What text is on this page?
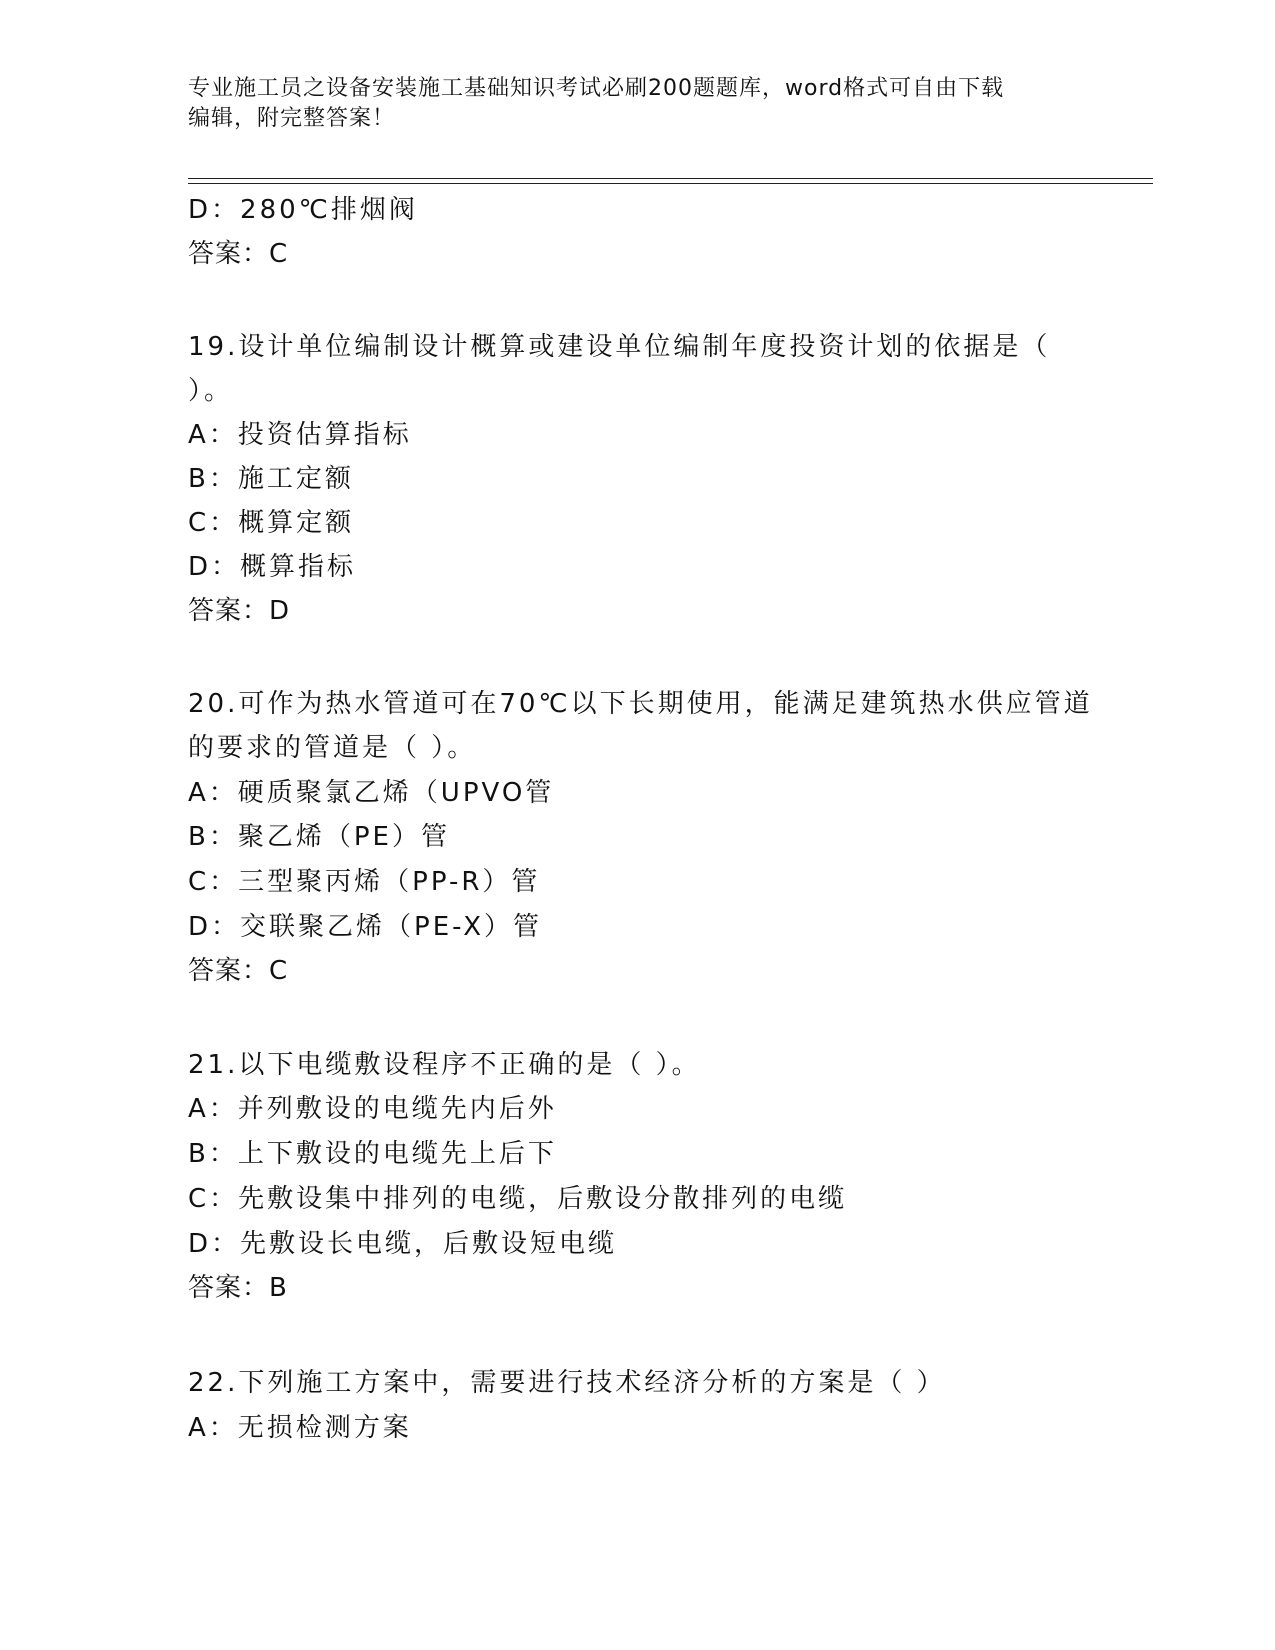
专业施工员之设备安装施工基础知识考试必刷200题题库，word格式可自由下载
编辑，附完整答案！
D：280℃排烟阀
答案：C
19.设计单位编制设计概算或建设单位编制年度投资计划的依据是（
）。
A：投资估算指标
B：施工定额
C：概算定额
D：概算指标
答案：D
20.可作为热水管道可在70℃以下长期使用，能满足建筑热水供应管道
的要求的管道是（ ）。
A：硬质聚氯乙烯（UPVO管
B：聚乙烯（PE）管
C：三型聚丙烯（PP-R）管
D：交联聚乙烯（PE-X）管
答案：C
21.以下电缆敷设程序不正确的是（ ）。
A：并列敷设的电缆先内后外
B：上下敷设的电缆先上后下
C：先敷设集中排列的电缆，后敷设分散排列的电缆
D：先敷设长电缆，后敷设短电缆
答案：B
22.下列施工方案中，需要进行技术经济分析的方案是（ ）
A：无损检测方案
